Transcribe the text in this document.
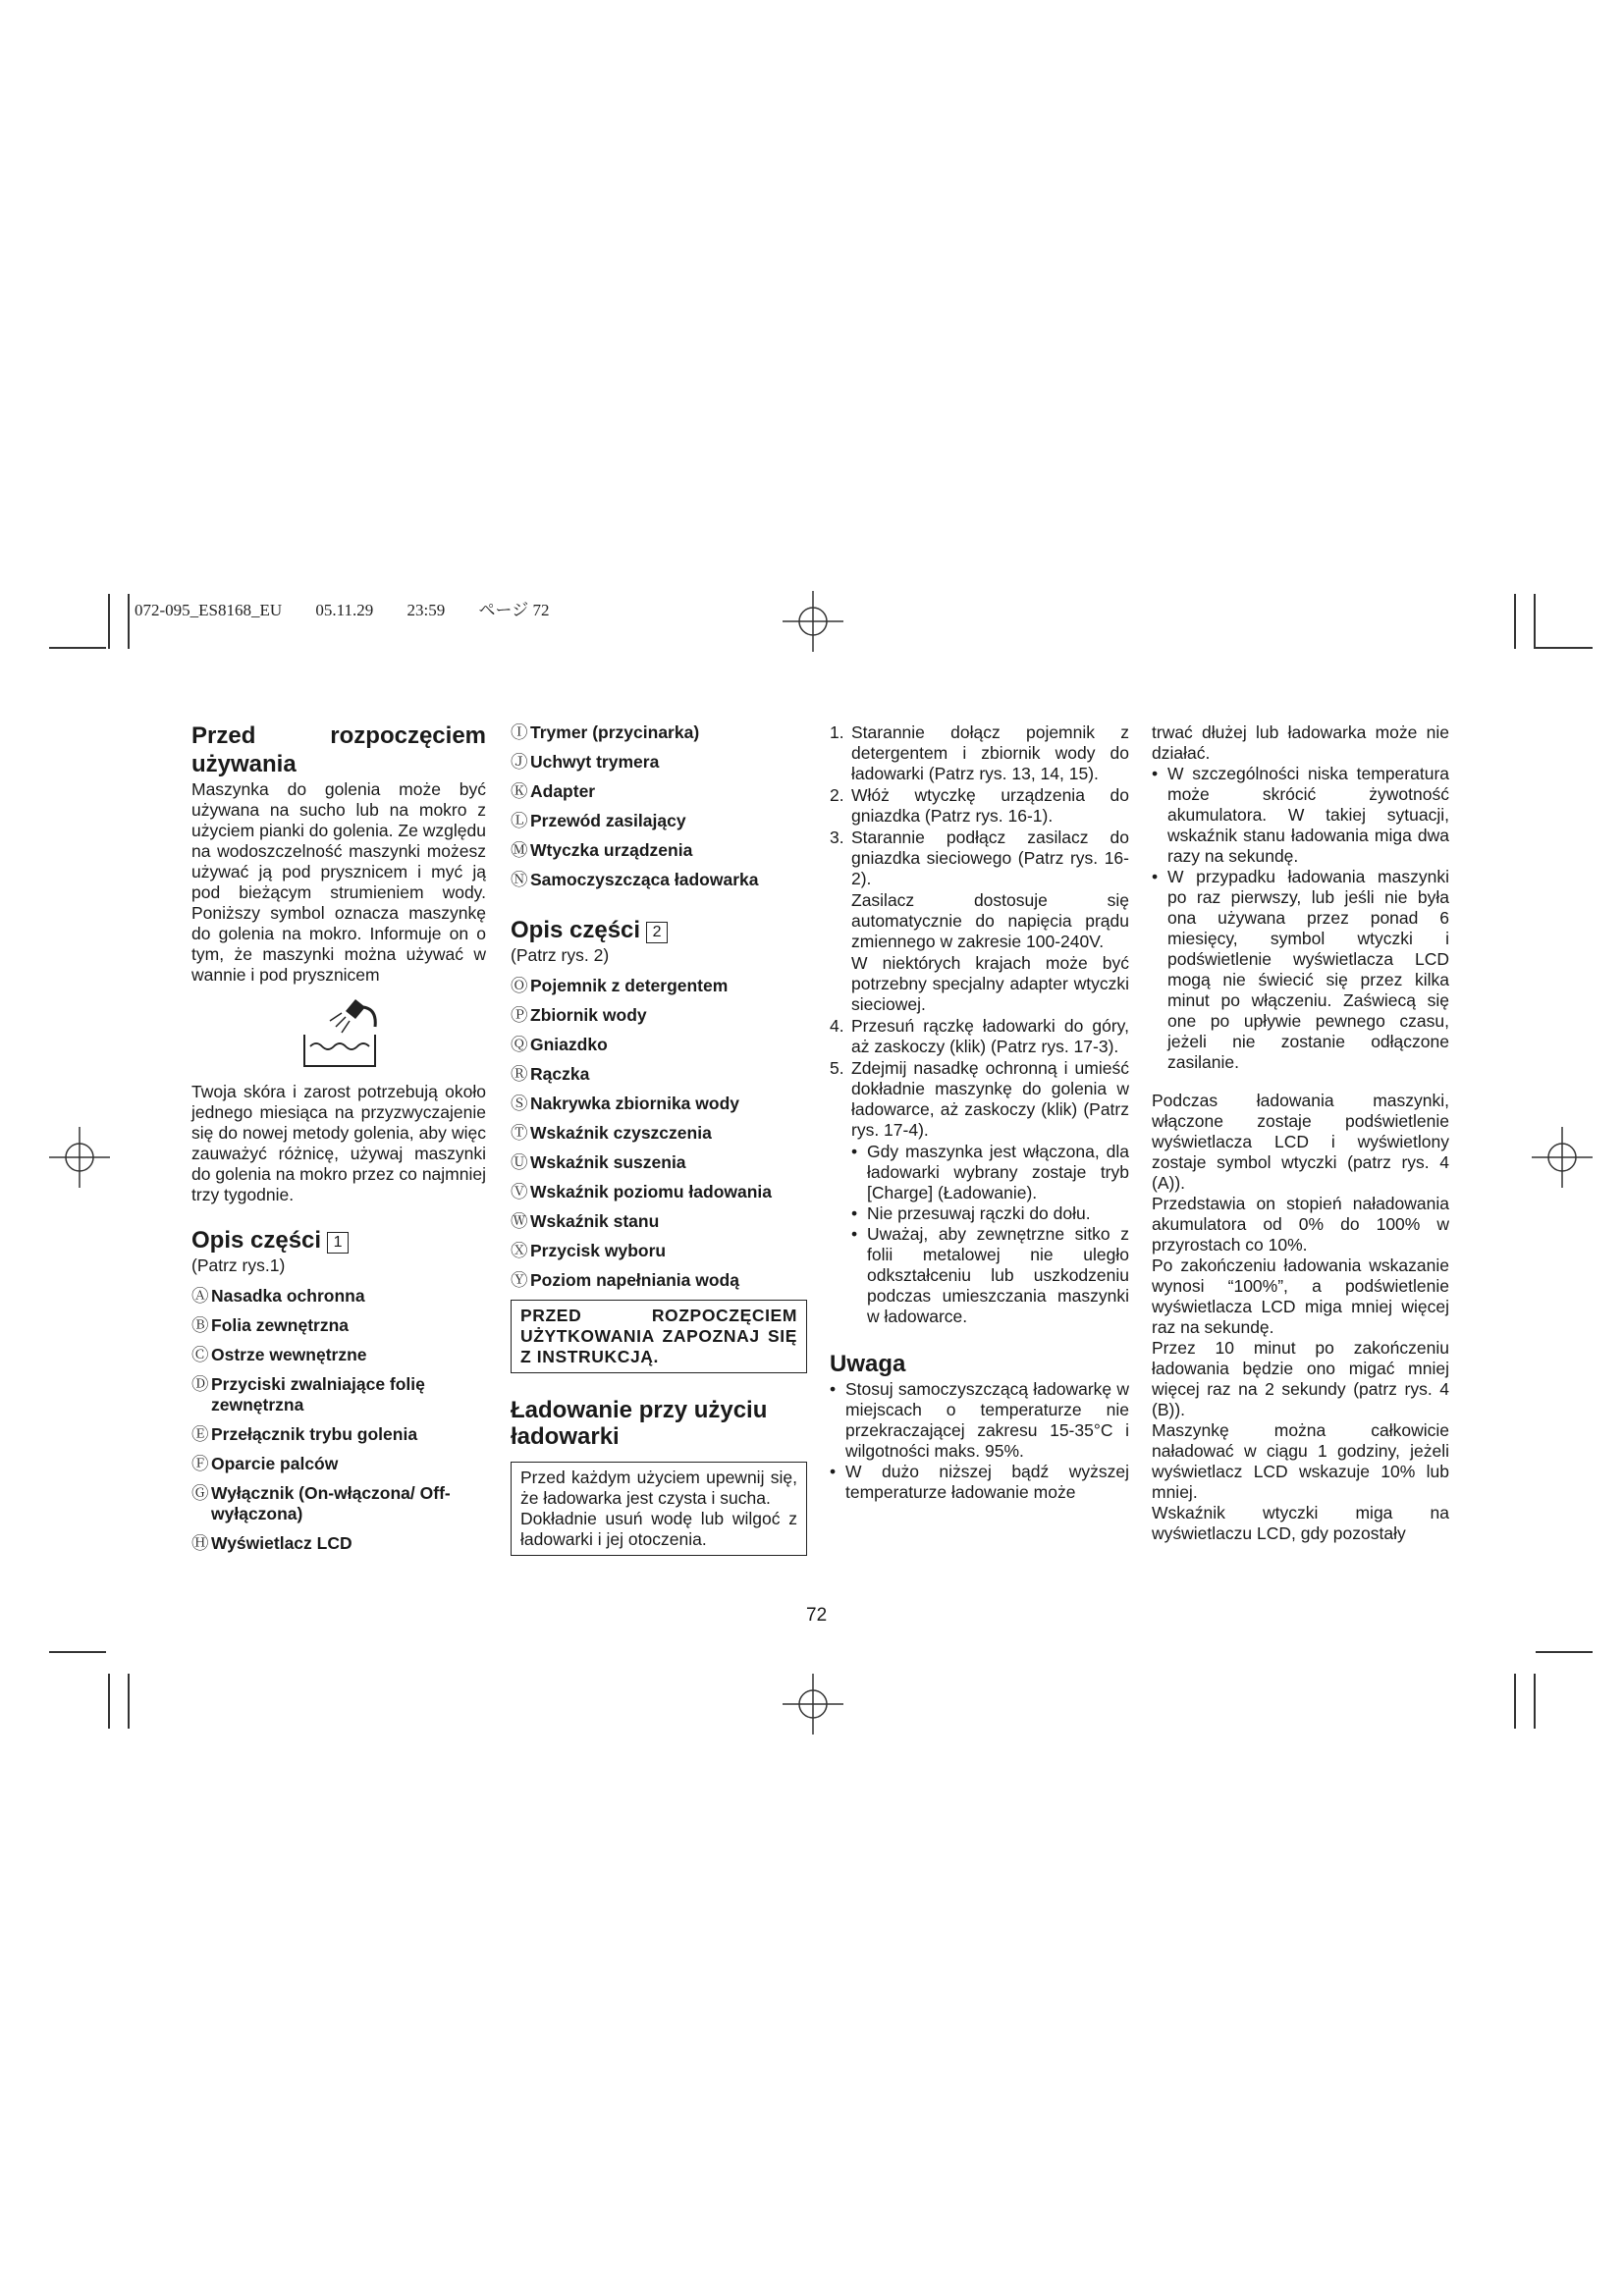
072-095_ES8168_EU 05.11.29 23:59 ページ 72
Przed	rozpoczęciem
używania

Maszynka do golenia może być używana na sucho lub na mokro z użyciem pianki do golenia. Ze względu na wodoszczelność maszynki możesz używać ją pod prysznicem i myć ją pod bieżącym strumieniem wody. Poniższy symbol oznacza maszynkę do golenia na mokro. Informuje on o tym, że maszynki można używać w wannie i pod prysznicem

Twoja skóra i zarost potrzebują około jednego miesiąca na przyzwyczajenie się do nowej metody golenia, aby więc zauważyć różnicę, używaj maszynki do golenia na mokro przez co najmniej trzy tygodnie.

Opis części 1

(Patrz rys.1)

Ⓐ Nasadka ochronna
Ⓑ Folia zewnętrzna
Ⓒ Ostrze wewnętrzne
Ⓓ Przyciski zwalniające folię zewnętrzna
Ⓔ Przełącznik trybu golenia
Ⓕ Oparcie palców
Ⓖ Wyłącznik (On-włączona/ Off-wyłączona)
Ⓗ Wyświetlacz LCD
Ⓘ Trymer (przycinarka)
Ⓙ Uchwyt trymera
Ⓚ Adapter
Ⓛ Przewód zasilający
Ⓜ Wtyczka urządzenia
Ⓝ Samoczyszcząca ładowarka
Opis części 2

(Patrz rys. 2)

Ⓞ Pojemnik z detergentem
Ⓟ Zbiornik wody
Ⓠ Gniazdko
Ⓡ Rączka
Ⓢ Nakrywka zbiornika wody
Ⓣ Wskaźnik czyszczenia
Ⓤ Wskaźnik suszenia
Ⓥ Wskaźnik poziomu ładowania
Ⓦ Wskaźnik stanu
Ⓧ Przycisk wyboru
Ⓨ Poziom napełniania wodą

PRZED ROZPOCZĘCIEM UŻYTKOWANIA ZAPOZNAJ SIĘ Z INSTRUKCJĄ.

Ładowanie przy użyciu ładowarki

Przed każdym użyciem upewnij się, że ładowarka jest czysta i sucha.

Dokładnie usuń wodę lub wilgoć z ładowarki i jej otoczenia.

1. Starannie dołącz pojemnik z detergentem i zbiornik wody do ładowarki (Patrz rys. 13, 14, 15).
2. Włóż wtyczkę urządzenia do gniazdka (Patrz rys. 16-1).
3. Starannie podłącz zasilacz do gniazdka sieciowego (Patrz rys. 16-2).
Zasilacz dostosuje się automatycznie do napięcia prądu zmiennego w zakresie 100-240V.
W niektórych krajach może być potrzebny specjalny adapter wtyczki sieciowej.
4. Przesuń rączkę ładowarki do góry, aż zaskoczy (klik) (Patrz rys. 17-3).
5. Zdejmij nasadkę ochronną i umieść dokładnie maszynkę do golenia w ładowarce, aż zaskoczy (klik) (Patrz rys. 17-4).
• Gdy maszynka jest włączona, dla ładowarki wybrany zostaje tryb [Charge] (Ładowanie).
• Nie przesuwaj rączki do dołu.
• Uważaj, aby zewnętrzne sitko z folii metalowej nie uległo odkształceniu lub uszkodzeniu podczas umieszczania maszynki w ładowarce.
Uwaga
• Stosuj samoczyszczącą ładowarkę w miejscach o temperaturze nie przekraczającej zakresu 15-35°C i wilgotności maks. 95%.
• W dużo niższej bądź wyższej temperaturze ładowanie może

trwać dłużej lub ładowarka może nie działać.

• W szczególności niska temperatura może skrócić żywotność akumulatora. W takiej sytuacji, wskaźnik stanu ładowania miga dwa razy na sekundę.
• W przypadku ładowania maszynki po raz pierwszy, lub jeśli nie była ona używana przez ponad 6 miesięcy, symbol wtyczki i podświetlenie wyświetlacza LCD mogą nie świecić się przez kilka minut po włączeniu. Zaświecą się one po upływie pewnego czasu, jeżeli nie zostanie odłączone zasilanie.

Podczas ładowania maszynki, włączone zostaje podświetlenie wyświetlacza LCD i wyświetlony zostaje symbol wtyczki (patrz rys. 4 (A)).

Przedstawia on stopień naładowania akumulatora od 0% do 100% w przyrostach co 10%.

Po zakończeniu ładowania wskazanie wynosi “100%”, a podświetlenie wyświetlacza LCD miga mniej więcej raz na sekundę.

Przez 10 minut po zakończeniu ładowania będzie ono migać mniej więcej raz na 2 sekundy (patrz rys. 4 (B)).

Maszynkę można całkowicie naładować w ciągu 1 godziny, jeżeli wyświetlacz LCD wskazuje 10% lub mniej.

Wskaźnik wtyczki miga na wyświetlaczu LCD, gdy pozostały

72
